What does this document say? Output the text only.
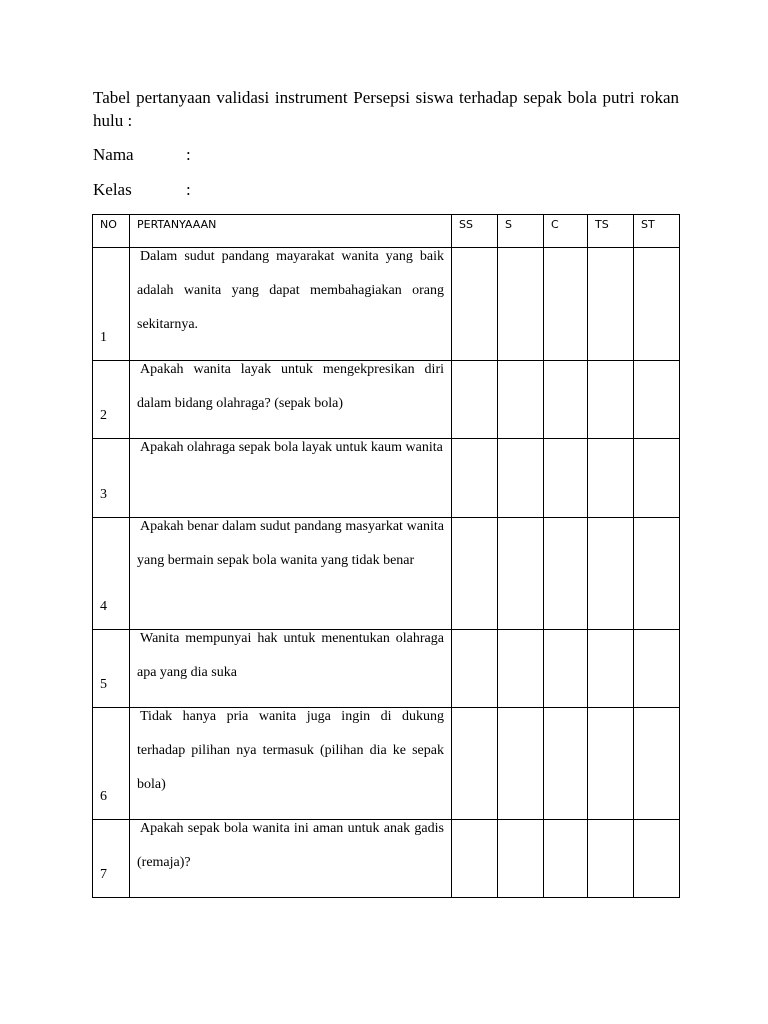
Tabel pertanyaan validasi instrument Persepsi siswa terhadap sepak bola putri rokan hulu :

Nama	:
Kelas	:
NO	PERTANYAAAN	SS	S	C	TS	ST
1	Dalam sudut pandang mayarakat wanita yang baik adalah wanita yang dapat membahagiakan orang sekitarnya.					

2	Apakah wanita layak untuk mengekpresikan diri dalam bidang olahraga? (sepak bola)					

3	Apakah olahraga sepak bola layak untuk kaum wanita					

4	Apakah benar dalam sudut pandang masyarkat wanita yang bermain sepak bola wanita yang tidak benar					

5	Wanita mempunyai hak untuk menentukan olahraga apa yang dia suka					

6	Tidak hanya pria wanita juga ingin di dukung terhadap pilihan nya termasuk (pilihan dia ke sepak bola)					

7	Apakah sepak bola wanita ini aman untuk anak gadis (remaja)?					
